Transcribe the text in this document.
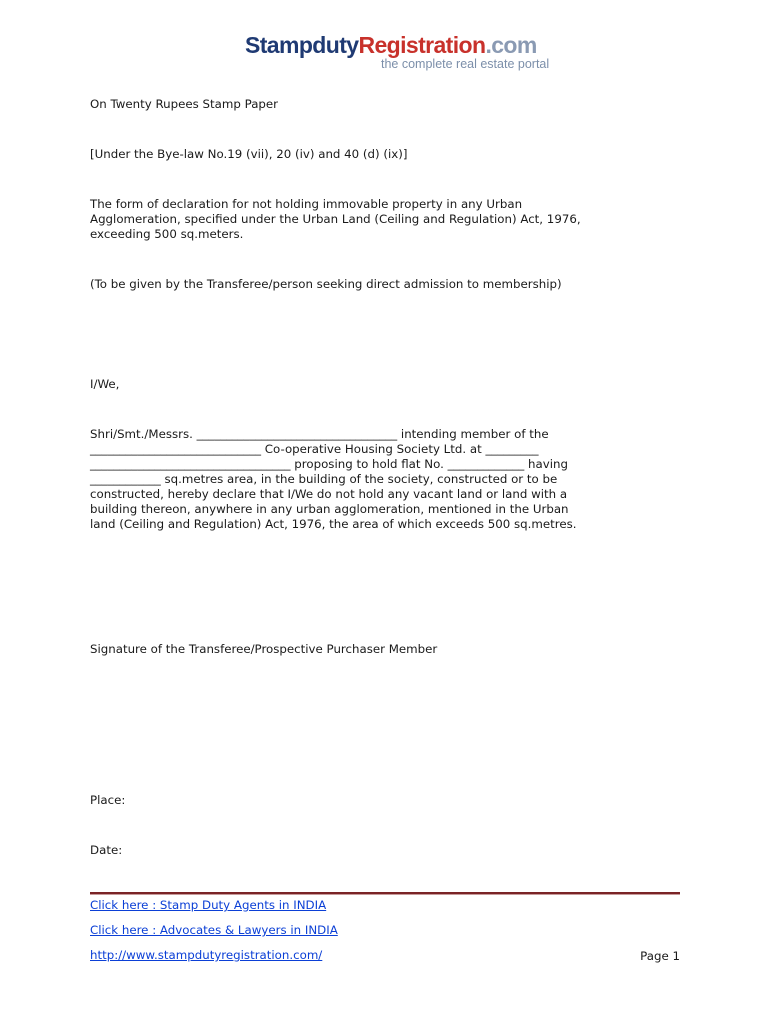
StampdutyRegistration.com
the complete real estate portal
On Twenty Rupees Stamp Paper
[Under the Bye-law No.19 (vii), 20 (iv) and 40 (d) (ix)]
The form of declaration for not holding immovable property in any Urban
Agglomeration, specified under the Urban Land (Ceiling and Regulation) Act, 1976,
exceeding 500 sq.meters.
(To be given by the Transferee/person seeking direct admission to membership)
I/We,
Shri/Smt./Messrs. __________________________________ intending member of the
_____________________________ Co-operative Housing Society Ltd. at _________
__________________________________ proposing to hold flat No. _____________ having
____________ sq.metres area, in the building of the society, constructed or to be
constructed, hereby declare that I/We do not hold any vacant land or land with a
building thereon, anywhere in any urban agglomeration, mentioned in the Urban
land (Ceiling and Regulation) Act, 1976, the area of which exceeds 500 sq.metres.
Signature of the Transferee/Prospective Purchaser Member
Place:
Date:
Click here : Stamp Duty Agents in INDIA
Click here : Advocates & Lawyers in INDIA
http://www.stampdutyregistration.com/	Page 1
